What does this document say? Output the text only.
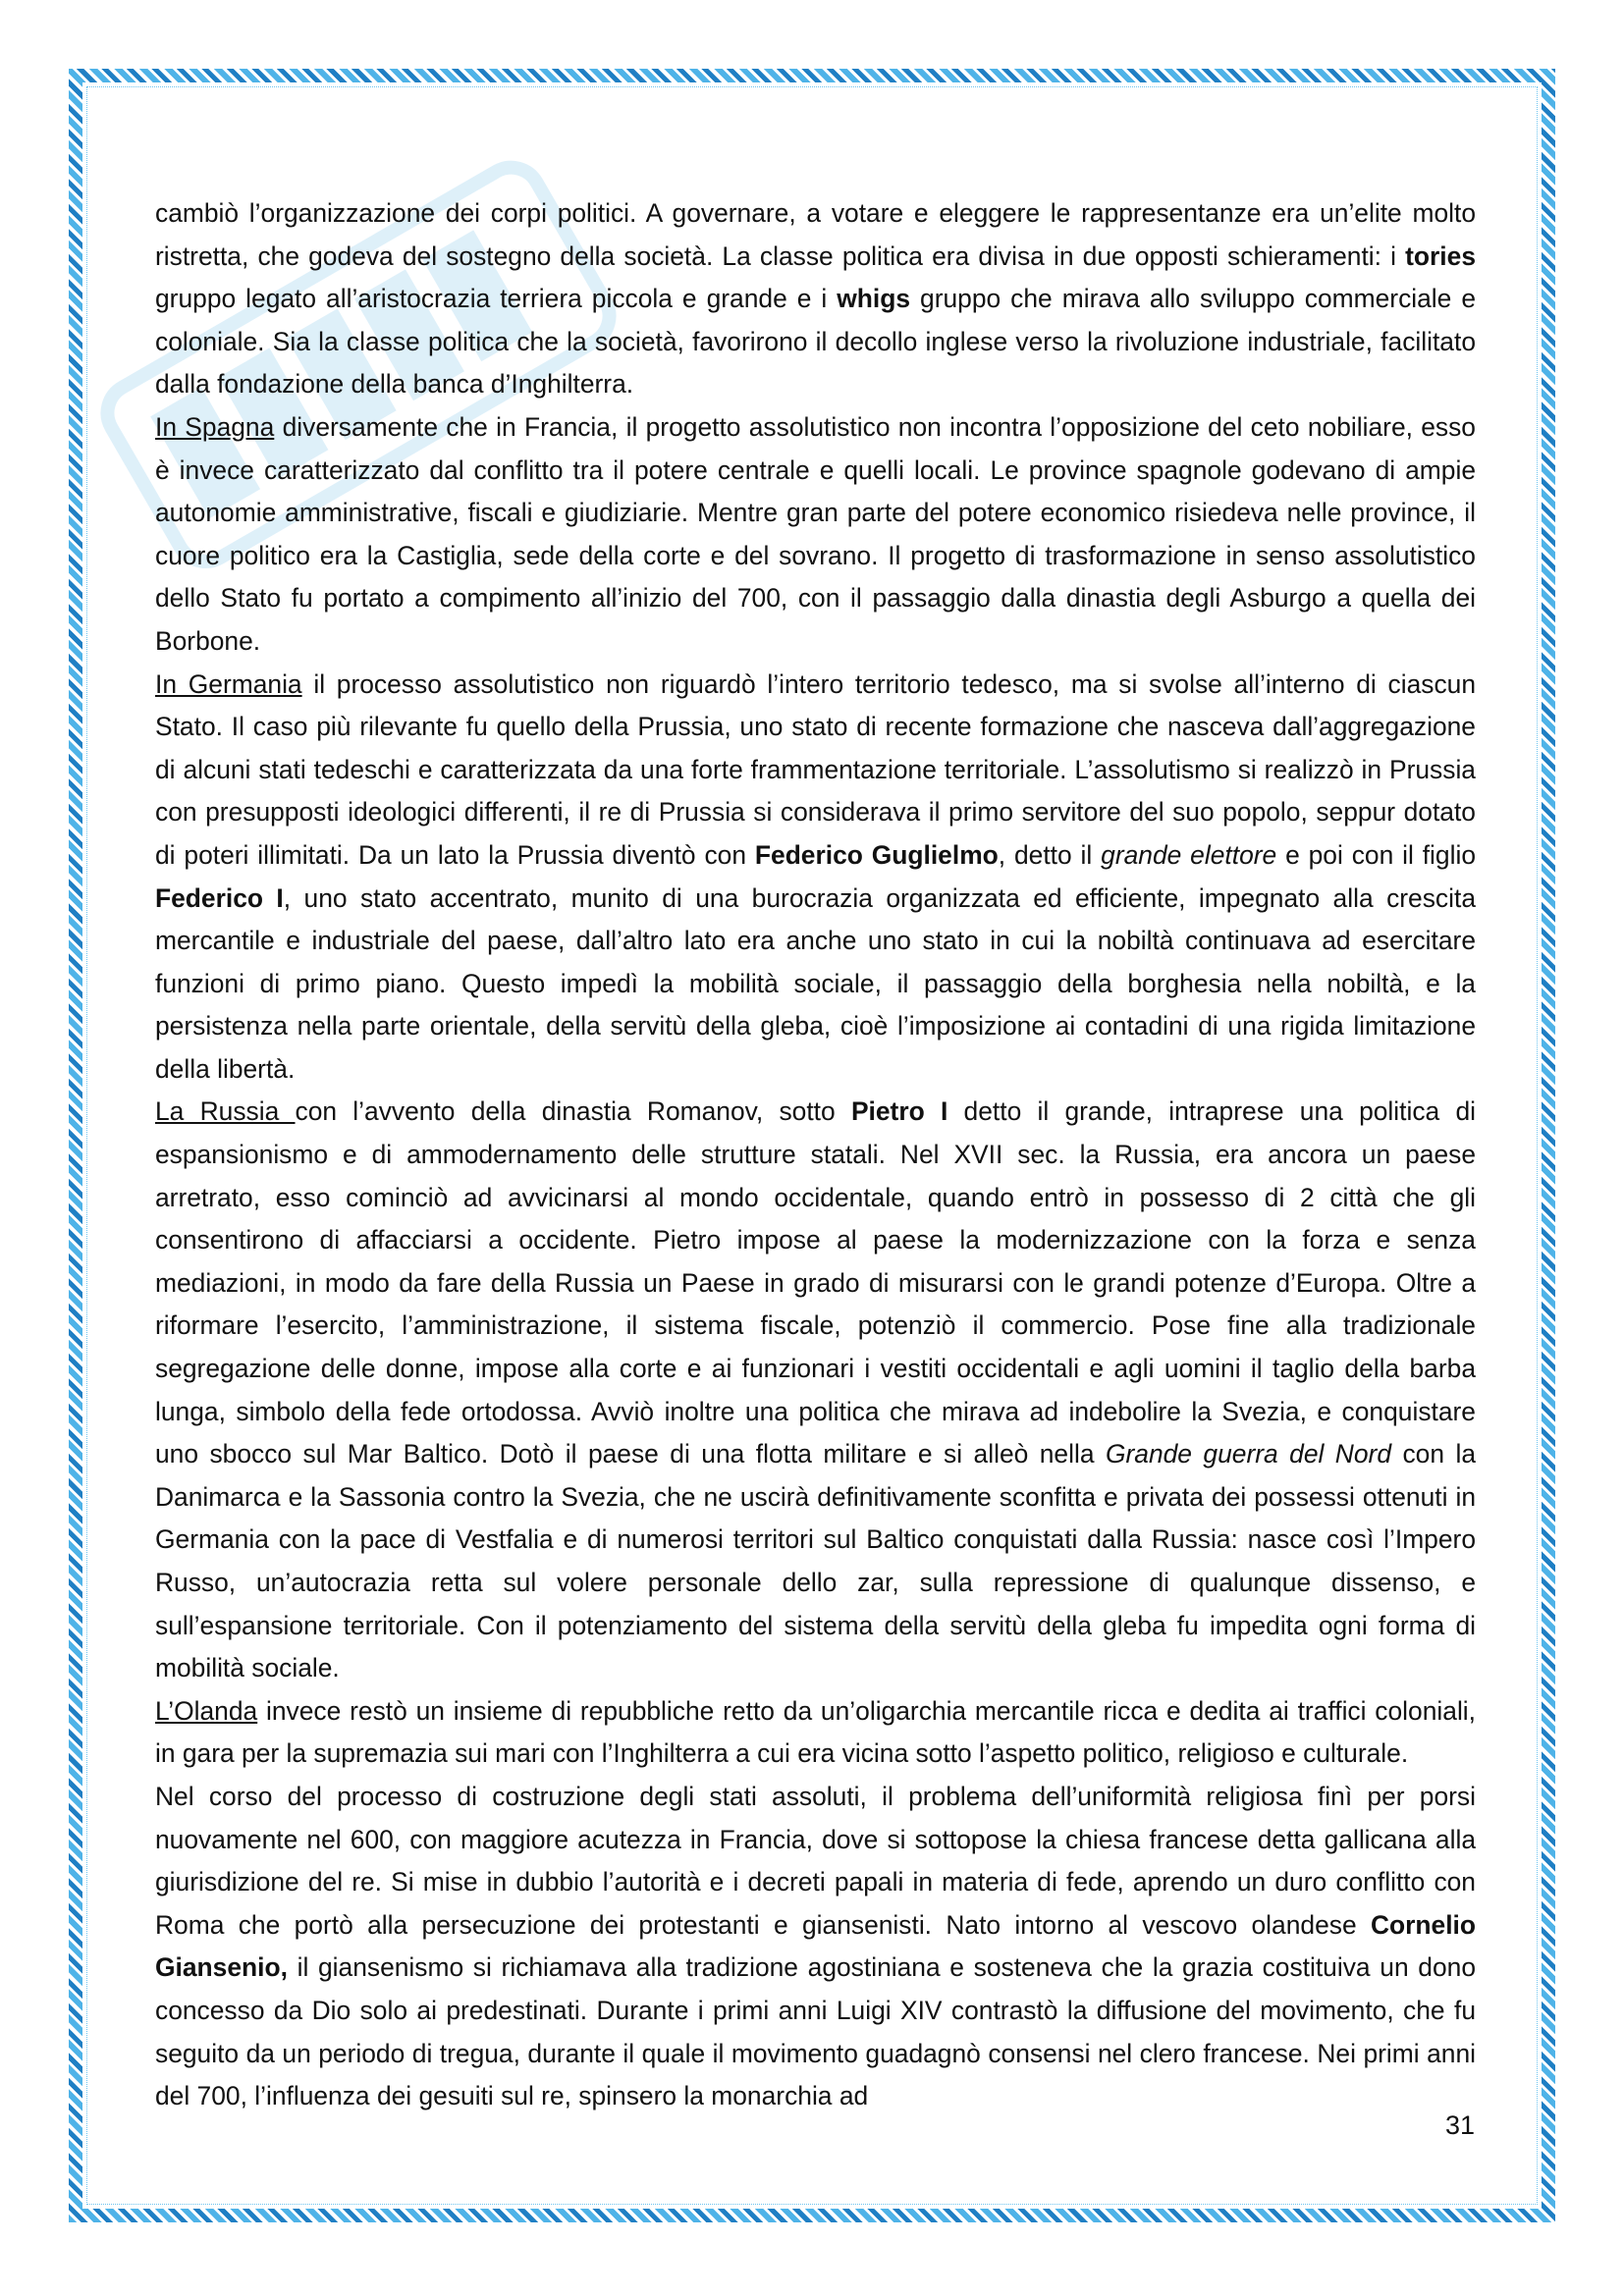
cambiò l’organizzazione dei corpi politici. A governare, a votare e eleggere le rappresentanze era un’elite molto ristretta, che godeva del sostegno della società. La classe politica era divisa in due opposti schieramenti: i tories gruppo legato all’aristocrazia terriera piccola e grande e i whigs gruppo che mirava allo sviluppo commerciale e coloniale. Sia la classe politica che la società, favorirono il decollo inglese verso la rivoluzione industriale, facilitato dalla fondazione della banca d’Inghilterra.

In Spagna diversamente che in Francia, il progetto assolutistico non incontra l’opposizione del ceto nobiliare, esso è invece caratterizzato dal conflitto tra il potere centrale e quelli locali. Le province spagnole godevano di ampie autonomie amministrative, fiscali e giudiziarie. Mentre gran parte del potere economico risiedeva nelle province, il cuore politico era la Castiglia, sede della corte e del sovrano. Il progetto di trasformazione in senso assolutistico dello Stato fu portato a compimento all’inizio del 700, con il passaggio dalla dinastia degli Asburgo a quella dei Borbone.

In Germania il processo assolutistico non riguardò l’intero territorio tedesco, ma si svolse all’interno di ciascun Stato. Il caso più rilevante fu quello della Prussia, uno stato di recente formazione che nasceva dall’aggregazione di alcuni stati tedeschi e caratterizzata da una forte frammentazione territoriale. L’assolutismo si realizzò in Prussia con presupposti ideologici differenti, il re di Prussia si considerava il primo servitore del suo popolo, seppur dotato di poteri illimitati. Da un lato la Prussia diventò con Federico Guglielmo, detto il grande elettore e poi con il figlio Federico I, uno stato accentrato, munito di una burocrazia organizzata ed efficiente, impegnato alla crescita mercantile e industriale del paese, dall’altro lato era anche uno stato in cui la nobiltà continuava ad esercitare funzioni di primo piano. Questo impedì la mobilità sociale, il passaggio della borghesia nella nobiltà, e la persistenza nella parte orientale, della servitù della gleba, cioè l’imposizione ai contadini di una rigida limitazione della libertà.

La Russia con l’avvento della dinastia Romanov, sotto Pietro I detto il grande, intraprese una politica di espansionismo e di ammodernamento delle strutture statali. Nel XVII sec. la Russia, era ancora un paese arretrato, esso cominciò ad avvicinarsi al mondo occidentale, quando entrò in possesso di 2 città che gli consentirono di affacciarsi a occidente. Pietro impose al paese la modernizzazione con la forza e senza mediazioni, in modo da fare della Russia un Paese in grado di misurarsi con le grandi potenze d’Europa. Oltre a riformare l’esercito, l’amministrazione, il sistema fiscale, potenziò il commercio. Pose fine alla tradizionale segregazione delle donne, impose alla corte e ai funzionari i vestiti occidentali e agli uomini il taglio della barba lunga, simbolo della fede ortodossa. Avviò inoltre una politica che mirava ad indebolire la Svezia, e conquistare uno sbocco sul Mar Baltico. Dotò il paese di una flotta militare e si alleò nella Grande guerra del Nord con la Danimarca e la Sassonia contro la Svezia, che ne uscirà definitivamente sconfitta e privata dei possessi ottenuti in Germania con la pace di Vestfalia e di numerosi territori sul Baltico conquistati dalla Russia: nasce così l’Impero Russo, un’autocrazia retta sul volere personale dello zar, sulla repressione di qualunque dissenso, e sull’espansione territoriale. Con il potenziamento del sistema della servitù della gleba fu impedita ogni forma di mobilità sociale.

L’Olanda invece restò un insieme di repubbliche retto da un’oligarchia mercantile ricca e dedita ai traffici coloniali, in gara per la supremazia sui mari con l’Inghilterra a cui era vicina sotto l’aspetto politico, religioso e culturale.

Nel corso del processo di costruzione degli stati assoluti, il problema dell’uniformità religiosa finì per porsi nuovamente nel 600, con maggiore acutezza in Francia, dove si sottopose la chiesa francese detta gallicana alla giurisdizione del re. Si mise in dubbio l’autorità e i decreti papali in materia di fede, aprendo un duro conflitto con Roma che portò alla persecuzione dei protestanti e giansenisti. Nato intorno al vescovo olandese Cornelio Giansenio, il giansenismo si richiamava alla tradizione agostiniana e sosteneva che la grazia costituiva un dono concesso da Dio solo ai predestinati. Durante i primi anni Luigi XIV contrastò la diffusione del movimento, che fu seguito da un periodo di tregua, durante il quale il movimento guadagnò consensi nel clero francese. Nei primi anni del 700, l’influenza dei gesuiti sul re, spinsero la monarchia ad

31
